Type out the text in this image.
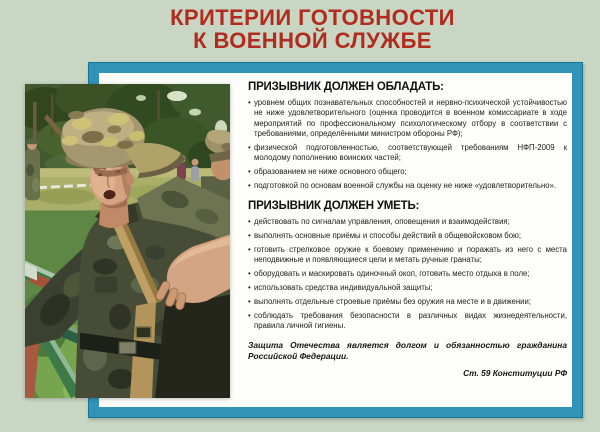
КРИТЕРИИ ГОТОВНОСТИ
К ВОЕННОЙ СЛУЖБЕ
ПРИЗЫВНИК ДОЛЖЕН ОБЛАДАТЬ:
• уровнем общих познавательных способностей и нервно-психической устойчивостью не ниже удовлетворительного (оценка проводится в военном комиссариате в ходе мероприятий по профессиональному психологическому отбору в соответствии с требованиями, определёнными министром обороны РФ);
• физической подготовленностью, соответствующей требованиям НФП-2009 к молодому пополнению воинских частей;
• образованием не ниже основного общего;
• подготовкой по основам военной службы на оценку не ниже «удовлетворительно».
ПРИЗЫВНИК ДОЛЖЕН УМЕТЬ:
• действовать по сигналам управления, оповещения и взаимодействия;
• выполнять основные приёмы и способы действий в общевойсковом бою;
• готовить стрелковое оружие к боевому применению и поражать из него с места неподвижные и появляющиеся цели и метать ручные гранаты;
• оборудовать и маскировать одиночный окоп, готовить место отдыха в поле;
• использовать средства индивидуальной защиты;
• выполнять отдельные строевые приёмы без оружия на месте и в движении;
• соблюдать требования безопасности в различных видах жизнедеятельности, правила личной гигиены.
Защита Отечества является долгом и обязанностью гражданина Российской Федерации.
Ст. 59 Конституции РФ
